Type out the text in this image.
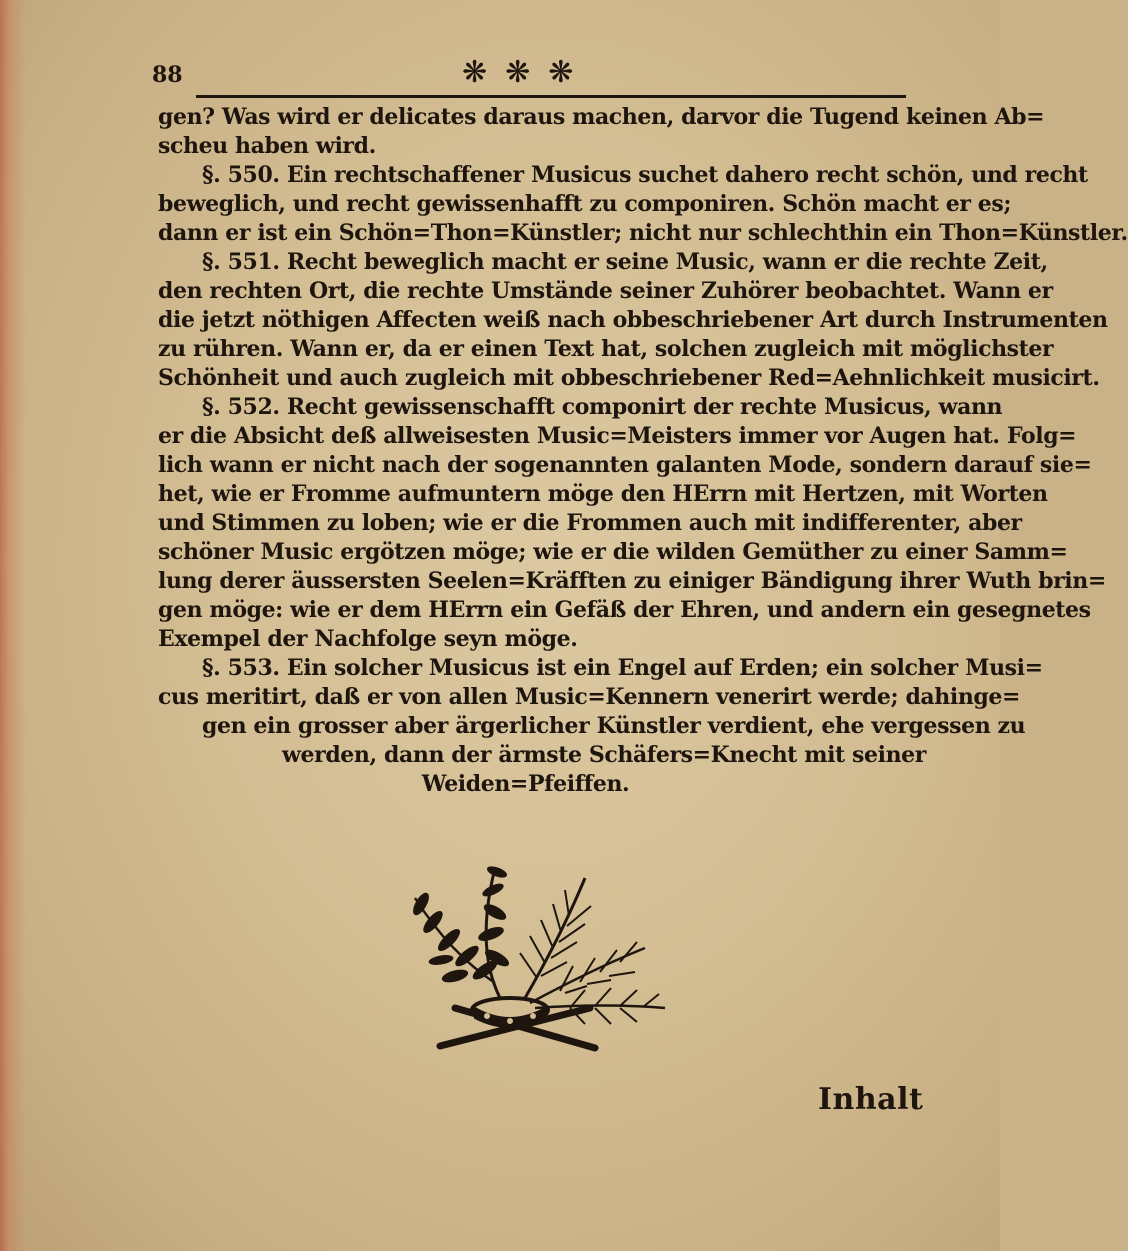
88	❋ ❋ ❋
gen? Was wird er delicates daraus machen, darvor die Tugend keinen Ab=
scheu haben wird.
§. 550. Ein rechtschaffener Musicus suchet dahero recht schön, und recht
beweglich, und recht gewissenhafft zu componiren. Schön macht er es;
dann er ist ein Schön=Thon=Künstler; nicht nur schlechthin ein Thon=Künstler.
§. 551. Recht beweglich macht er seine Music, wann er die rechte Zeit,
den rechten Ort, die rechte Umstände seiner Zuhörer beobachtet. Wann er
die jetzt nöthigen Affecten weiß nach obbeschriebener Art durch Instrumenten
zu rühren. Wann er, da er einen Text hat, solchen zugleich mit möglichster
Schönheit und auch zugleich mit obbeschriebener Red=Aehnlichkeit musicirt.
§. 552. Recht gewissenschafft componirt der rechte Musicus, wann
er die Absicht deß allweisesten Music=Meisters immer vor Augen hat. Folg=
lich wann er nicht nach der sogenannten galanten Mode, sondern darauf sie=
het, wie er Fromme aufmuntern möge den HErrn mit Hertzen, mit Worten
und Stimmen zu loben; wie er die Frommen auch mit indifferenter, aber
schöner Music ergötzen möge; wie er die wilden Gemüther zu einer Samm=
lung derer äussersten Seelen=Kräfften zu einiger Bändigung ihrer Wuth brin=
gen möge: wie er dem HErrn ein Gefäß der Ehren, und andern ein gesegnetes
Exempel der Nachfolge seyn möge.
§. 553. Ein solcher Musicus ist ein Engel auf Erden; ein solcher Musi=
cus meritirt, daß er von allen Music=Kennern venerirt werde; dahinge=
gen ein grosser aber ärgerlicher Künstler verdient, ehe vergessen zu
werden, dann der ärmste Schäfers=Knecht mit seiner
Weiden=Pfeiffen.
Inhalt
